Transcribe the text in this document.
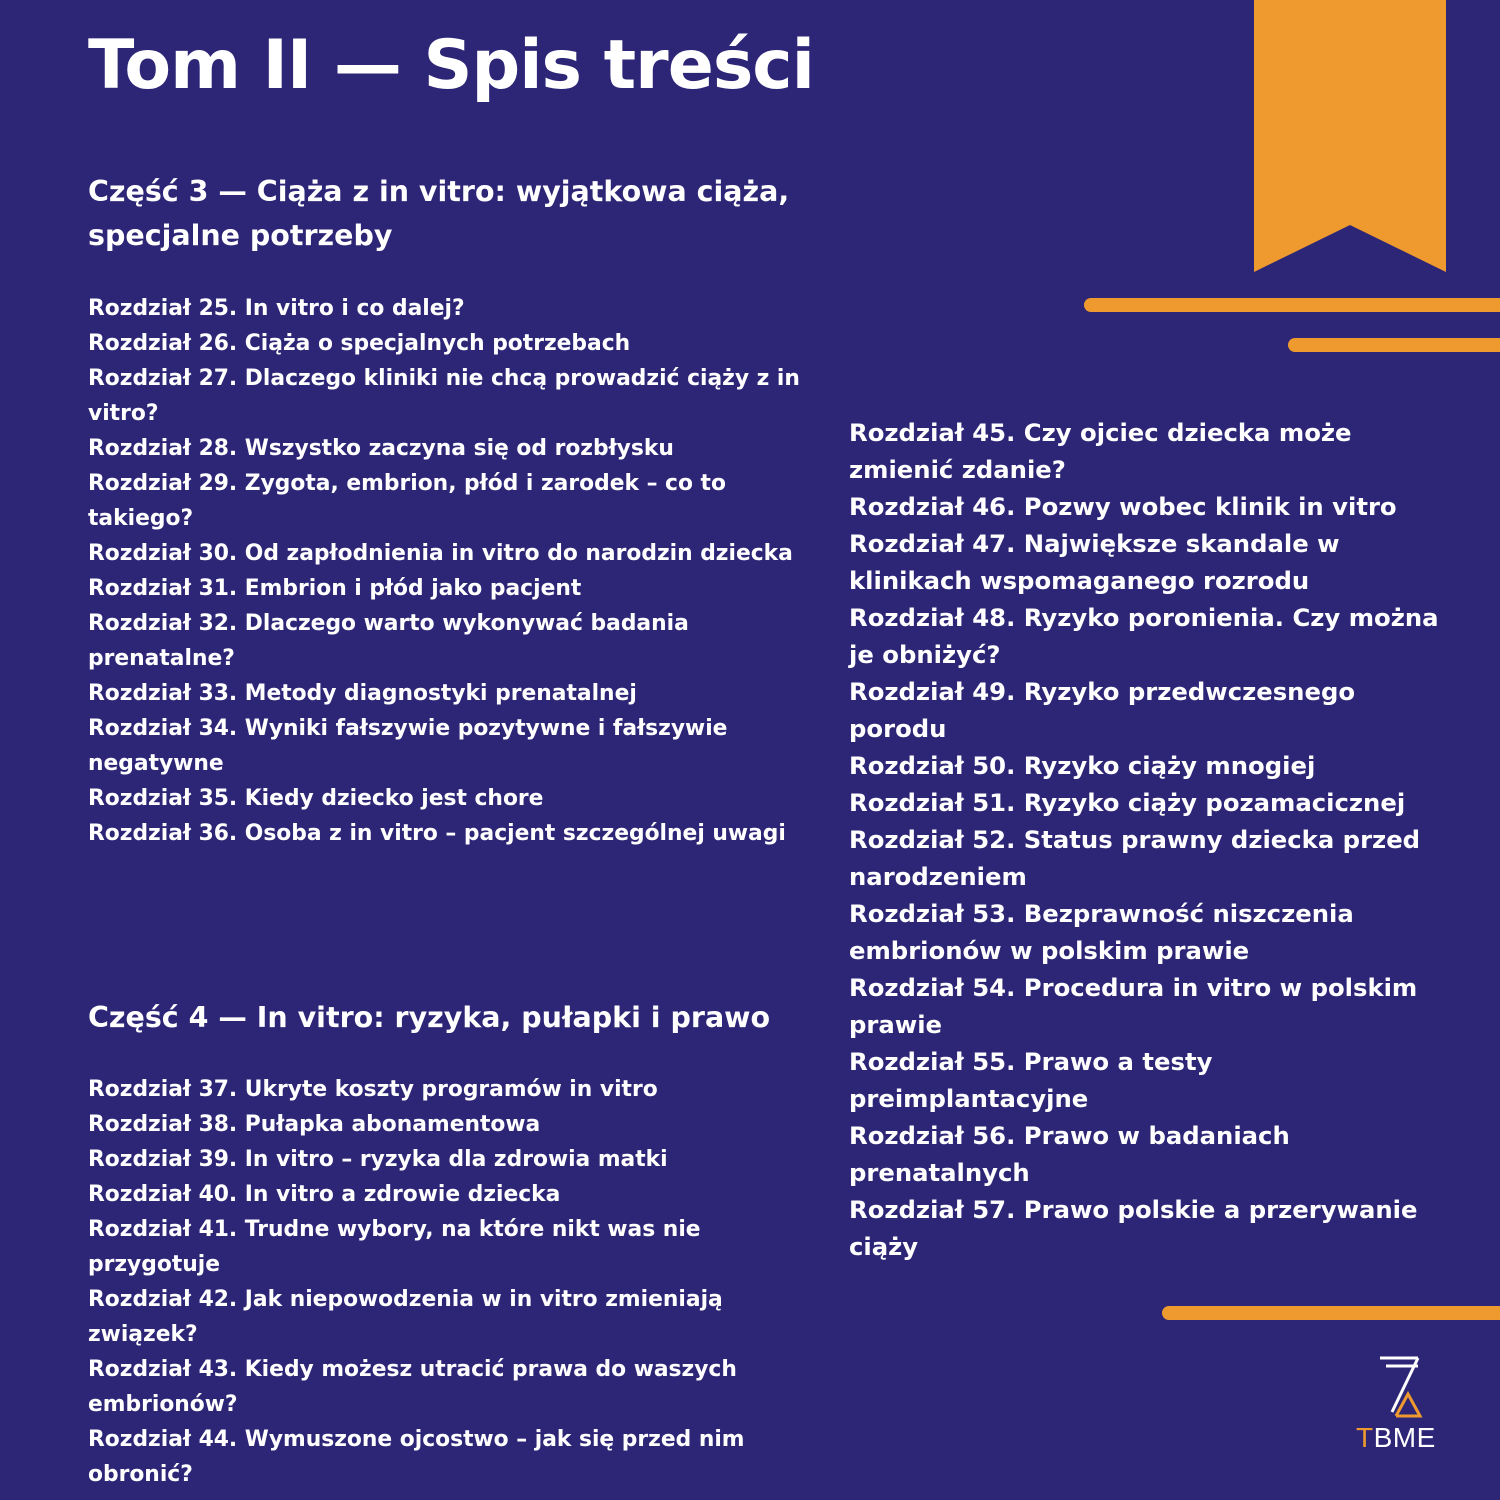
Tom II — Spis treści
Część 3 — Ciąża z in vitro: wyjątkowa ciąża, specjalne potrzeby
Rozdział 25. In vitro i co dalej?
Rozdział 26. Ciąża o specjalnych potrzebach
Rozdział 27. Dlaczego kliniki nie chcą prowadzić ciąży z in vitro?
Rozdział 28. Wszystko zaczyna się od rozbłysku
Rozdział 29. Zygota, embrion, płód i zarodek – co to takiego?
Rozdział 30. Od zapłodnienia in vitro do narodzin dziecka
Rozdział 31. Embrion i płód jako pacjent
Rozdział 32. Dlaczego warto wykonywać badania prenatalne?
Rozdział 33. Metody diagnostyki prenatalnej
Rozdział 34. Wyniki fałszywie pozytywne i fałszywie negatywne
Rozdział 35. Kiedy dziecko jest chore
Rozdział 36. Osoba z in vitro – pacjent szczególnej uwagi
Część 4 — In vitro: ryzyka, pułapki i prawo
Rozdział 37. Ukryte koszty programów in vitro
Rozdział 38. Pułapka abonamentowa
Rozdział 39. In vitro – ryzyka dla zdrowia matki
Rozdział 40. In vitro a zdrowie dziecka
Rozdział 41. Trudne wybory, na które nikt was nie przygotuje
Rozdział 42. Jak niepowodzenia w in vitro zmieniają związek?
Rozdział 43. Kiedy możesz utracić prawa do waszych embrionów?
Rozdział 44. Wymuszone ojcostwo – jak się przed nim obronić?
Rozdział 45. Czy ojciec dziecka może zmienić zdanie?
Rozdział 46. Pozwy wobec klinik in vitro
Rozdział 47. Największe skandale w klinikach wspomaganego rozrodu
Rozdział 48. Ryzyko poronienia. Czy można je obniżyć?
Rozdział 49. Ryzyko przedwczesnego porodu
Rozdział 50. Ryzyko ciąży mnogiej
Rozdział 51. Ryzyko ciąży pozamacicznej
Rozdział 52. Status prawny dziecka przed narodzeniem
Rozdział 53. Bezprawność niszczenia embrionów w polskim prawie
Rozdział 54. Procedura in vitro w polskim prawie
Rozdział 55. Prawo a testy preimplantacyjne
Rozdział 56. Prawo w badaniach prenatalnych
Rozdział 57. Prawo polskie a przerywanie ciąży
TBME
